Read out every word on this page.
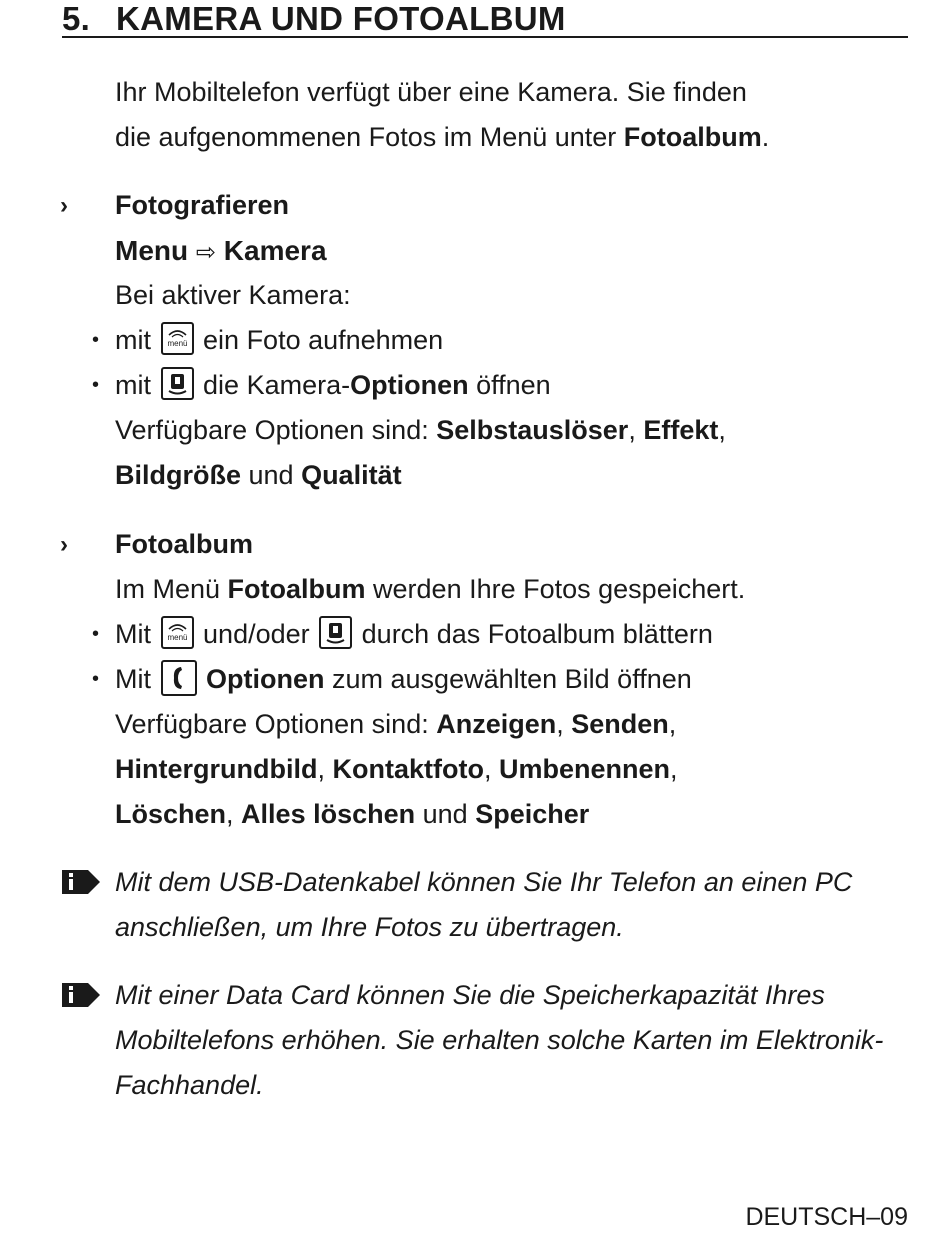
5. KAMERA UND FOTOALBUM
Ihr Mobiltelefon verfügt über eine Kamera. Sie finden
die aufgenommenen Fotos im Menü unter Fotoalbum.
› Fotografieren
Menu ⇨ Kamera
Bei aktiver Kamera:
• mit menü ein Foto aufnehmen
• mit die Kamera-Optionen öffnen
Verfügbare Optionen sind: Selbstauslöser, Effekt,
Bildgröße und Qualität
› Fotoalbum
Im Menü Fotoalbum werden Ihre Fotos gespeichert.
• Mit menü und/oder durch das Fotoalbum blättern
• Mit Optionen zum ausgewählten Bild öffnen
Verfügbare Optionen sind: Anzeigen, Senden,
Hintergrundbild, Kontaktfoto, Umbenennen,
Löschen, Alles löschen und Speicher
Mit dem USB-Datenkabel können Sie Ihr Telefon an einen PC
anschließen, um Ihre Fotos zu übertragen.
Mit einer Data Card können Sie die Speicherkapazität Ihres
Mobiltelefons erhöhen. Sie erhalten solche Karten im Elektronik-
Fachhandel.
DEUTSCH–09
